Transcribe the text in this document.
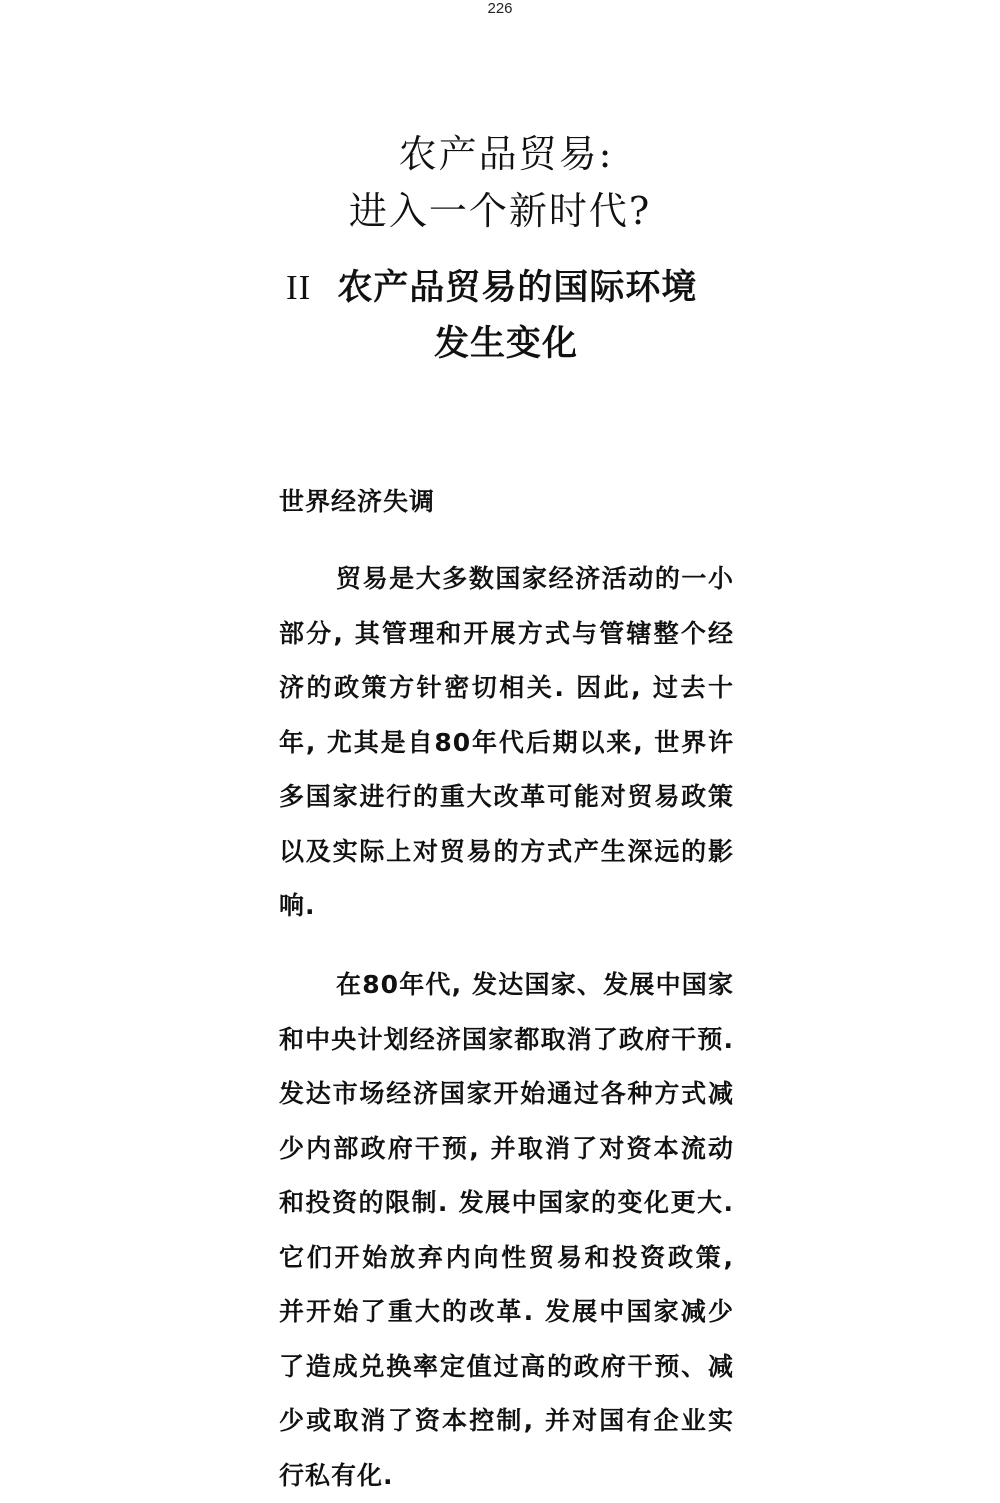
226
农产品贸易:
进入一个新时代?
II 农产品贸易的国际环境
发生变化
世界经济失调

贸易是大多数国家经济活动的一小部分, 其管理和开展方式与管辖整个经济的政策方针密切相关. 因此, 过去十年, 尤其是自80年代后期以来, 世界许多国家进行的重大改革可能对贸易政策以及实际上对贸易的方式产生深远的影响.

在80年代, 发达国家、发展中国家和中央计划经济国家都取消了政府干预. 发达市场经济国家开始通过各种方式减少内部政府干预, 并取消了对资本流动和投资的限制. 发展中国家的变化更大. 它们开始放弃内向性贸易和投资政策, 并开始了重大的改革. 发展中国家减少了造成兑换率定值过高的政府干预、减少或取消了资本控制, 并对国有企业实行私有化.
